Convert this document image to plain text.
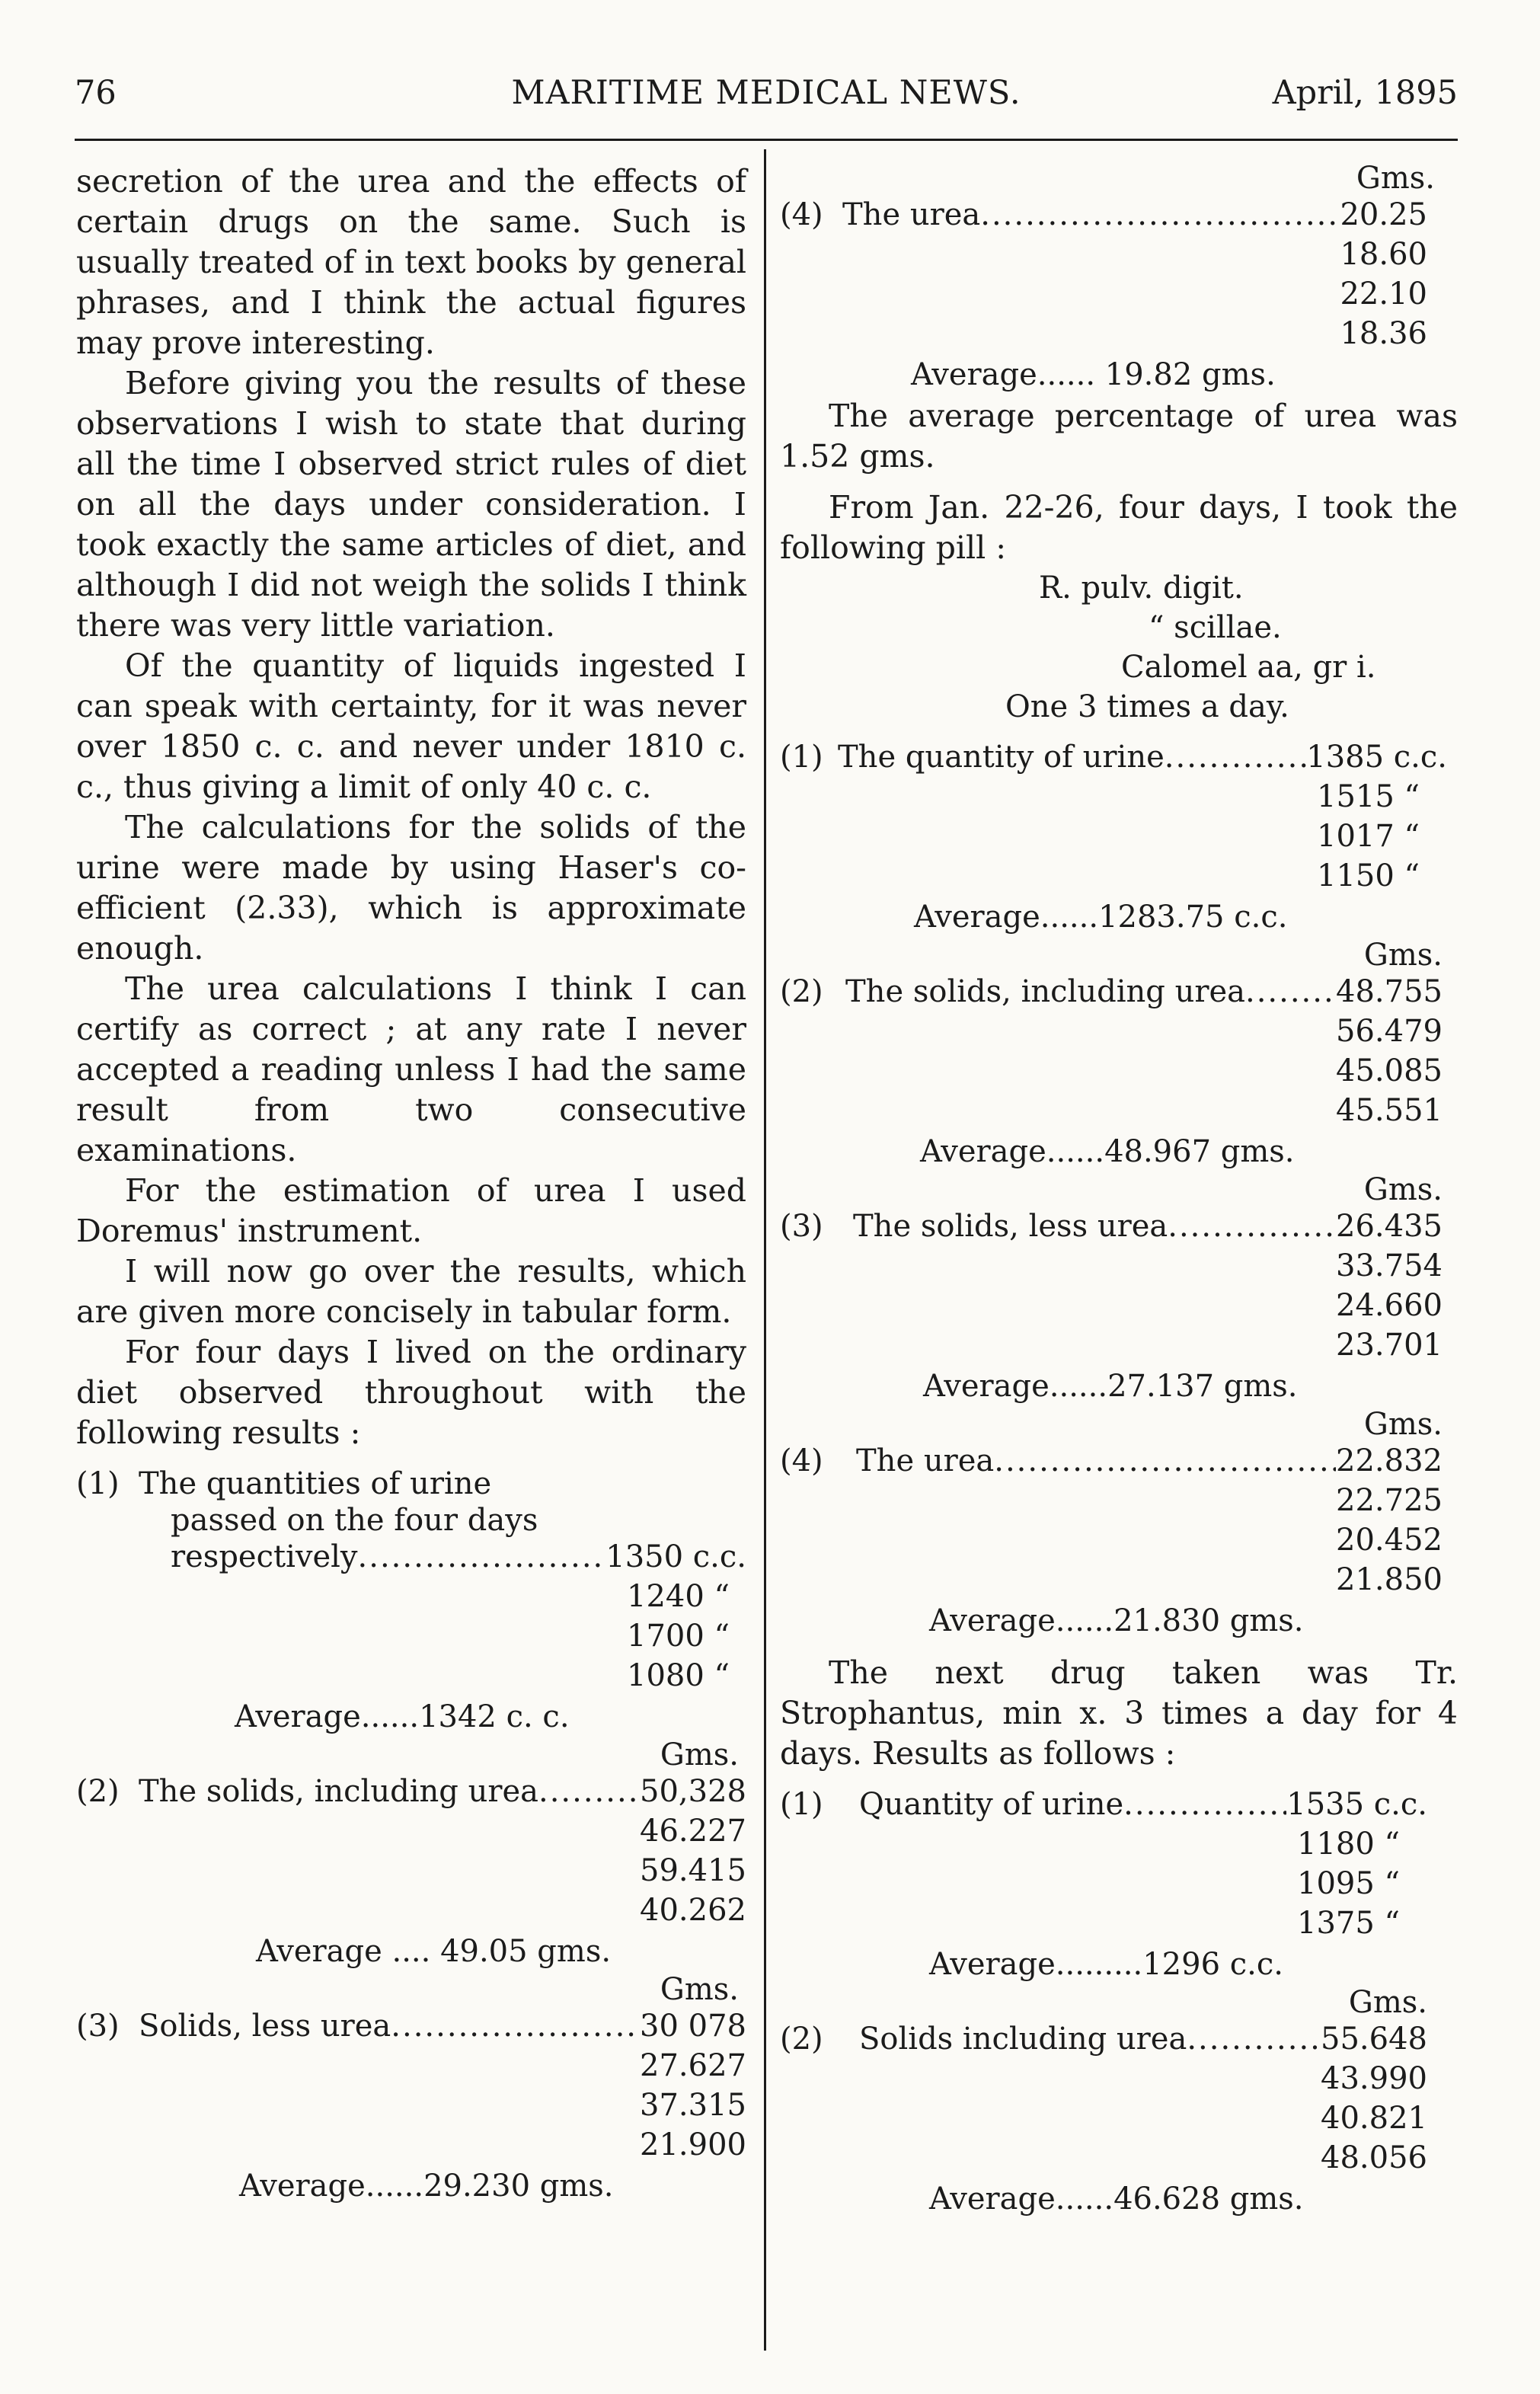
76	MARITIME MEDICAL NEWS.	April, 1895

secretion of the urea and the effects of certain drugs on the same. Such is usually treated of in text books by general phrases, and I think the actual figures may prove interesting.

Before giving you the results of these observations I wish to state that during all the time I observed strict rules of diet on all the days under consideration. I took exactly the same articles of diet, and although I did not weigh the solids I think there was very little variation.

Of the quantity of liquids ingested I can speak with certainty, for it was never over 1850 c. c. and never under 1810 c. c., thus giving a limit of only 40 c. c.

The calculations for the solids of the urine were made by using Haser's co-efficient (2.33), which is approximate enough.

The urea calculations I think I can certify as correct ; at any rate I never accepted a reading unless I had the same result from two consecutive examinations.

For the estimation of urea I used Doremus' instrument.

I will now go over the results, which are given more concisely in tabular form.

For four days I lived on the ordinary diet observed throughout with the following results :

(1) The quantities of urine
passed on the four days
respectively .....	1350 c.c.
1240 “
1700 “
1080 “
Average......1342 c. c.
Gms.
(2) The solids, including urea .....	50,328
46.227
59.415
40.262
Average .... 49.05 gms.
Gms.
(3) Solids, less urea .....	30 078
27.627
37.315
21.900
Average......29.230 gms.
Gms.
(4) The urea .....	20.25
18.60
22.10
18.36
Average...... 19.82 gms.

The average percentage of urea was 1.52 gms.

From Jan. 22-26, four days, I took the following pill :

R. pulv. digit.
“ scillae.
Calomel aa, gr i.
One 3 times a day.
(1) The quantity of urine .....	1385 c.c.
1515 “
1017 “
1150 “
Average......1283.75 c.c.
Gms.
(2) The solids, including urea .....	48.755
56.479
45.085
45.551
Average......48.967 gms.
Gms.
(3) The solids, less urea .....	26.435
33.754
24.660
23.701
Average......27.137 gms.
Gms.
(4)	The urea .....	22.832
22.725
20.452
21.850
Average......21.830 gms.

The next drug taken was Tr. Strophantus, min x. 3 times a day for 4 days. Results as follows :

(1)	Quantity of urine .....	1535 c.c.
1180 “
1095 “
1375 “
Average.........1296 c.c.
Gms.
(2)	Solids including urea .....	55.648
43.990
40.821
48.056
Average......46.628 gms.
